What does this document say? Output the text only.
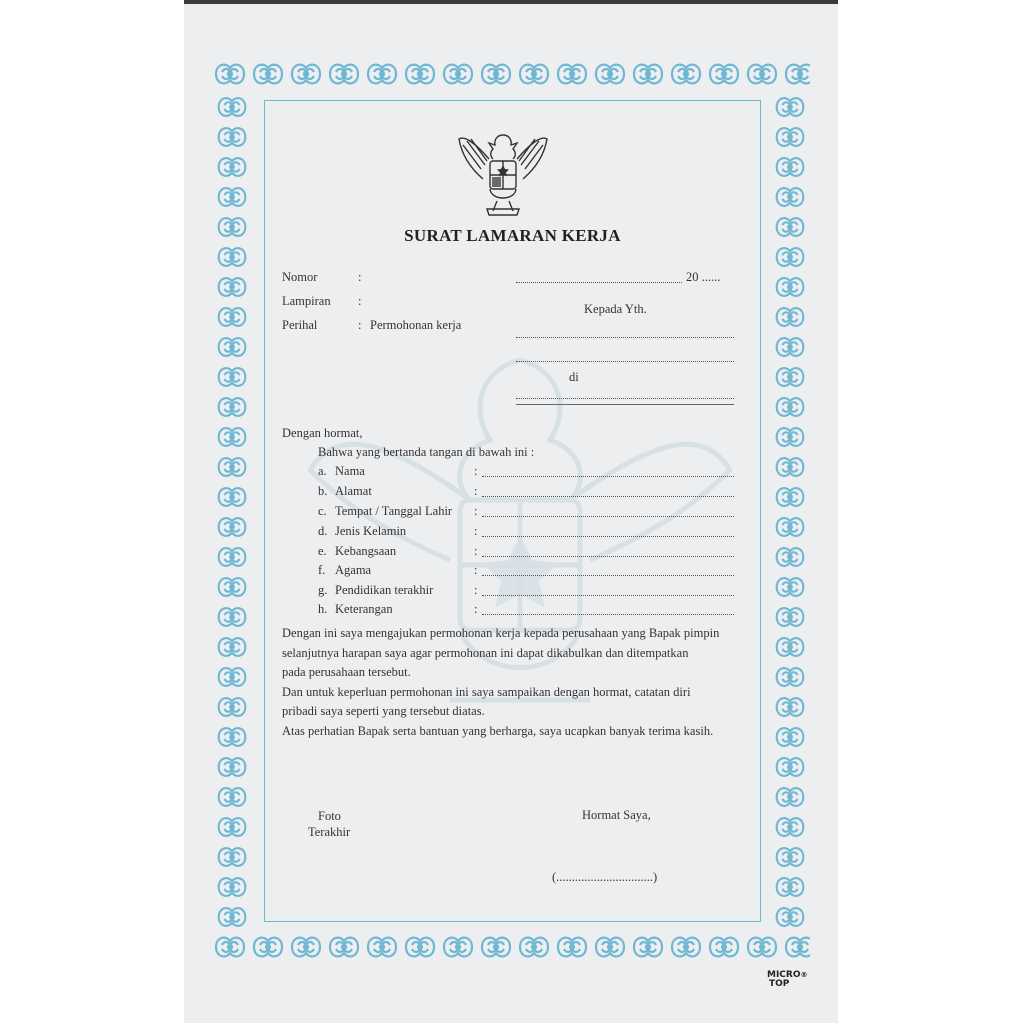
SURAT LAMARAN KERJA
Nomor	:
Lampiran :
Perihal	: Permohonan kerja
20 ......
Kepada Yth.
di
Dengan hormat,
Bahwa yang bertanda tangan di bawah ini :
a. Nama	:
b. Alamat	:
c. Tempat / Tanggal Lahir :
d. Jenis Kelamin	:
e. Kebangsaan	:
f. Agama	:
g. Pendidikan terakhir	:
h. Keterangan	:
Dengan ini saya mengajukan permohonan kerja kepada perusahaan yang Bapak pimpin
selanjutnya harapan saya agar permohonan ini dapat dikabulkan dan ditempatkan
pada perusahaan tersebut.
Dan untuk keperluan permohonan ini saya sampaikan dengan hormat, catatan diri
pribadi saya seperti yang tersebut diatas.
Atas perhatian Bapak serta bantuan yang berharga, saya ucapkan banyak terima kasih.
Foto
Terakhir
Hormat Saya,
(...............................)
MICRO®
TOP
